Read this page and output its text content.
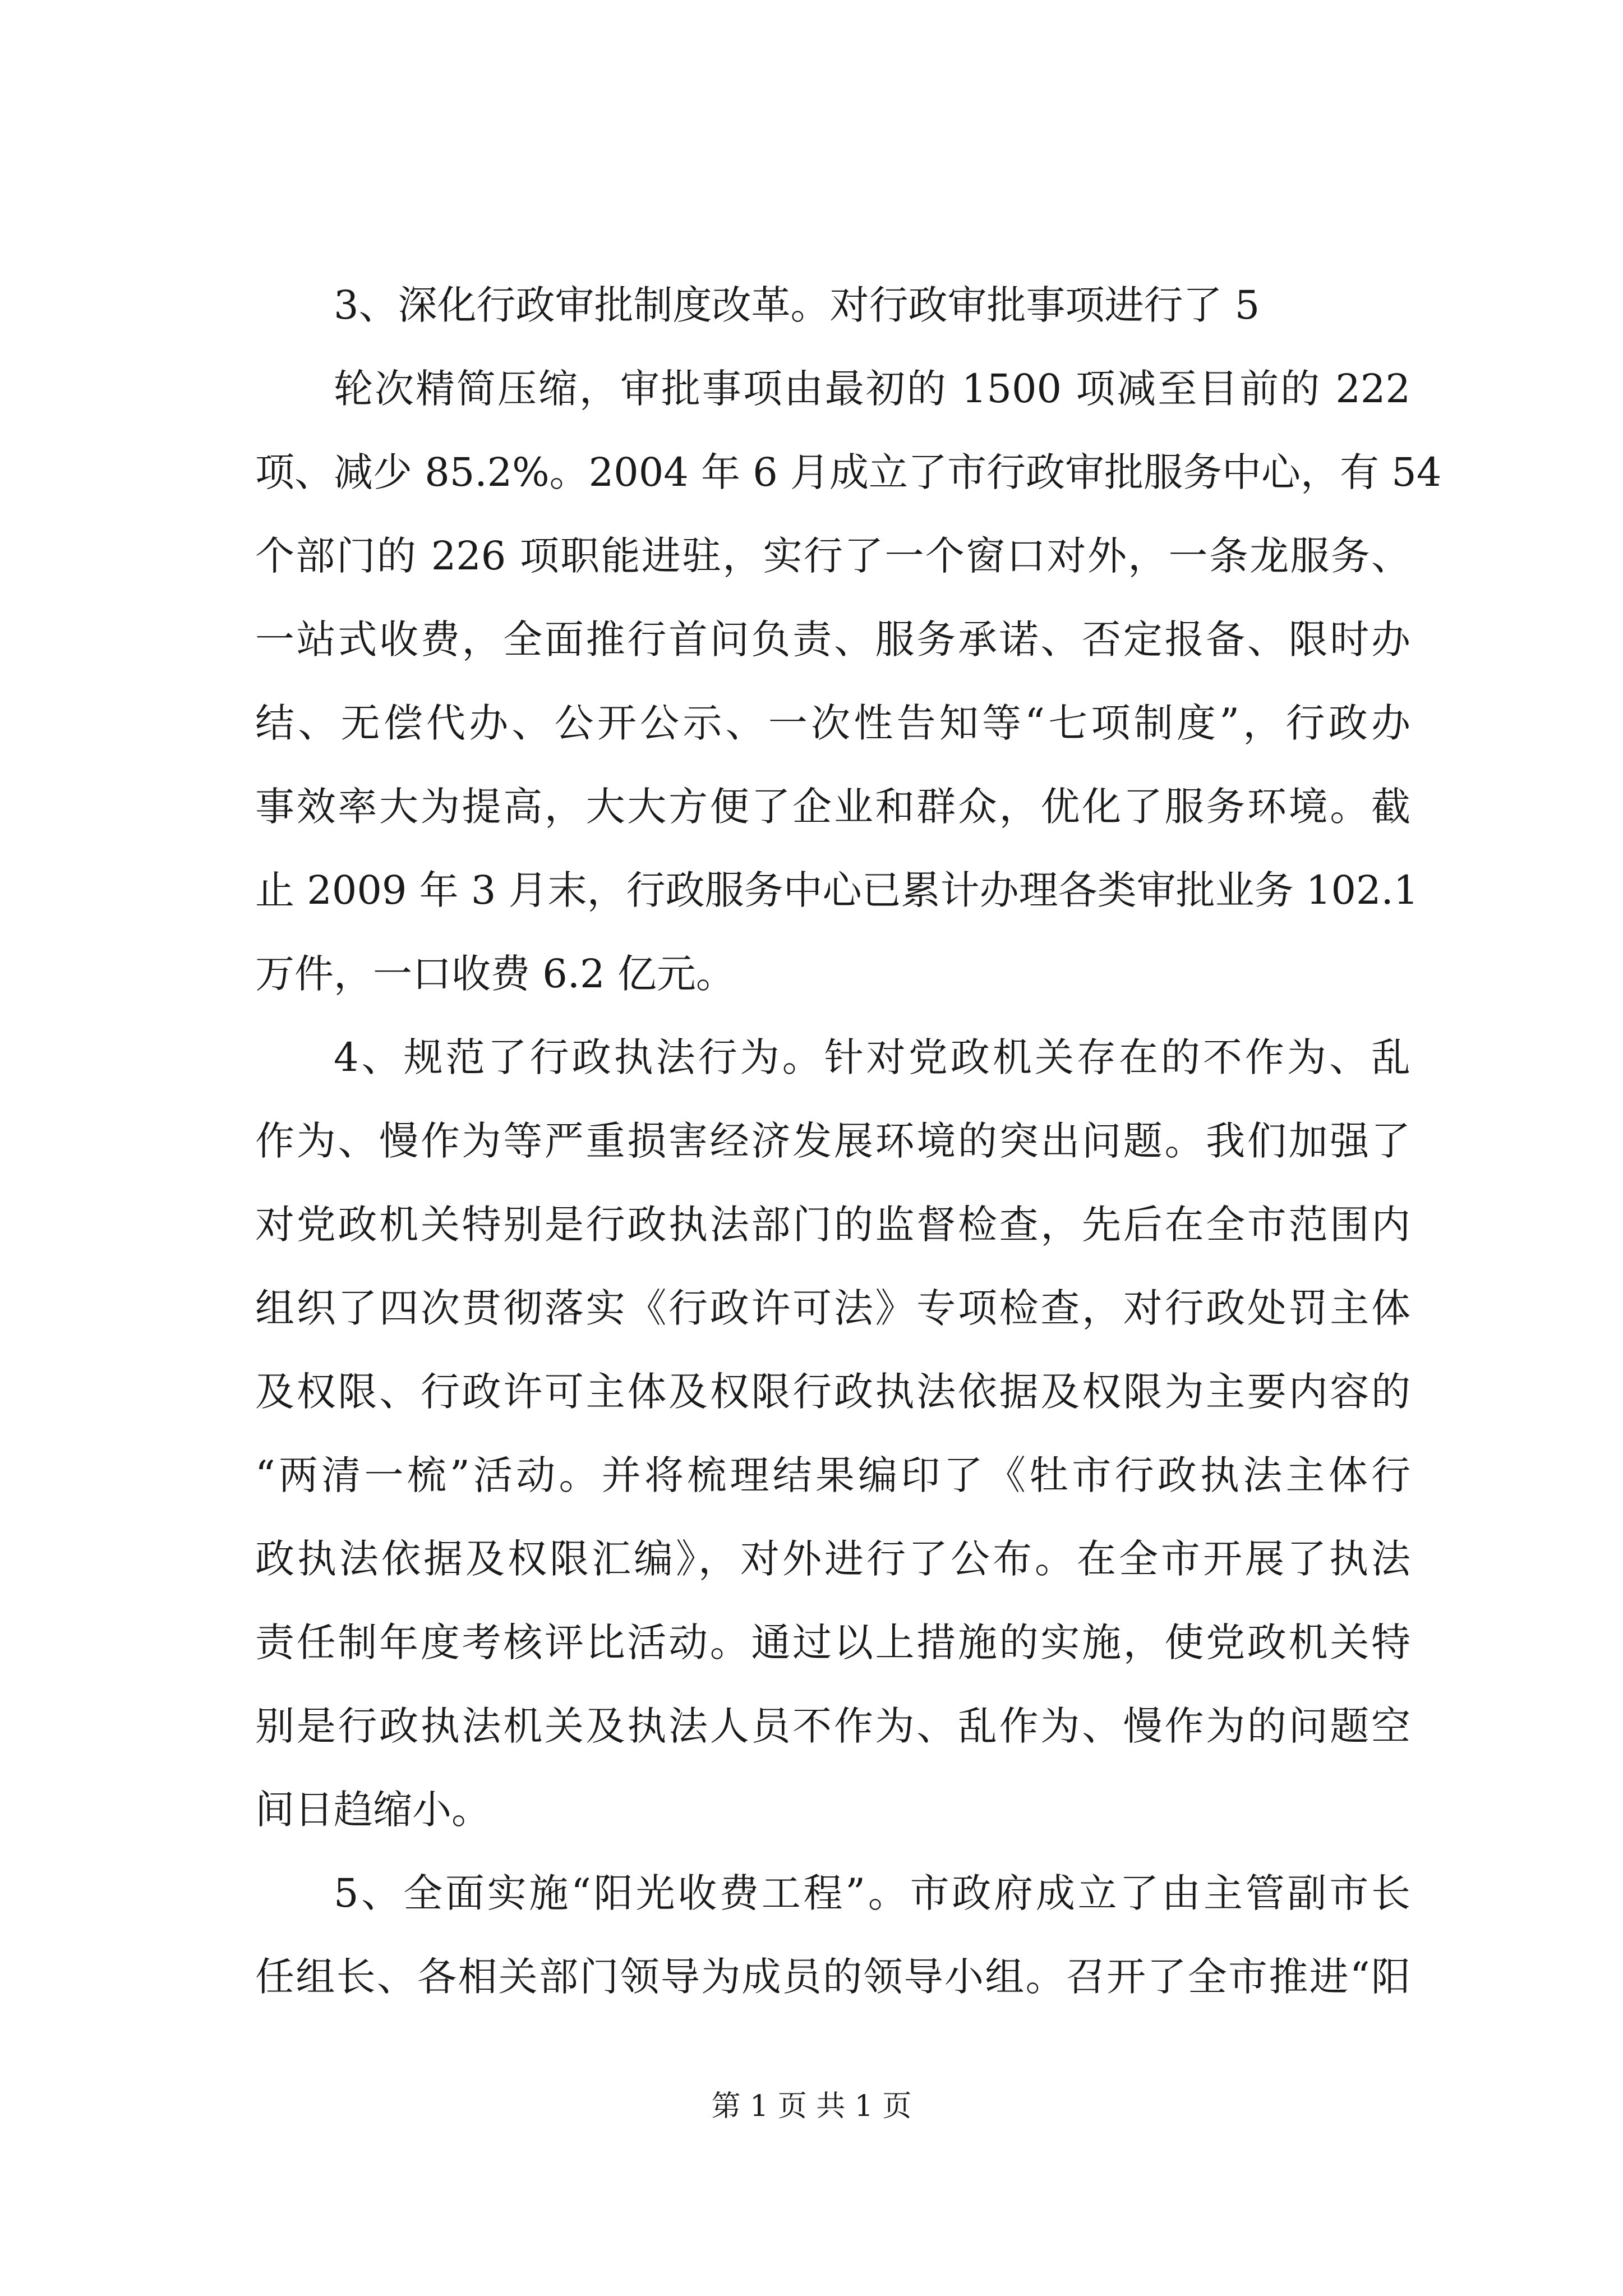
3、深化行政审批制度改革。对行政审批事项进行了 5
轮次精简压缩，审批事项由最初的 1500 项减至目前的 222
项、减少 85.2%。2004 年 6 月成立了市行政审批服务中心，有 54
个部门的 226 项职能进驻，实行了一个窗口对外，一条龙服务、
一站式收费，全面推行首问负责、服务承诺、否定报备、限时办
结、无偿代办、公开公示、一次性告知等“七项制度”，行政办
事效率大为提高，大大方便了企业和群众，优化了服务环境。截
止 2009 年 3 月末，行政服务中心已累计办理各类审批业务 102.1
万件，一口收费 6.2 亿元。
4、规范了行政执法行为。针对党政机关存在的不作为、乱
作为、慢作为等严重损害经济发展环境的突出问题。我们加强了
对党政机关特别是行政执法部门的监督检查，先后在全市范围内
组织了四次贯彻落实《行政许可法》专项检查，对行政处罚主体
及权限、行政许可主体及权限行政执法依据及权限为主要内容的
“两清一梳”活动。并将梳理结果编印了《牡市行政执法主体行
政执法依据及权限汇编》，对外进行了公布。在全市开展了执法
责任制年度考核评比活动。通过以上措施的实施，使党政机关特
别是行政执法机关及执法人员不作为、乱作为、慢作为的问题空
间日趋缩小。
5、全面实施“阳光收费工程”。市政府成立了由主管副市长
任组长、各相关部门领导为成员的领导小组。召开了全市推进“阳
第 1 页 共 1 页
